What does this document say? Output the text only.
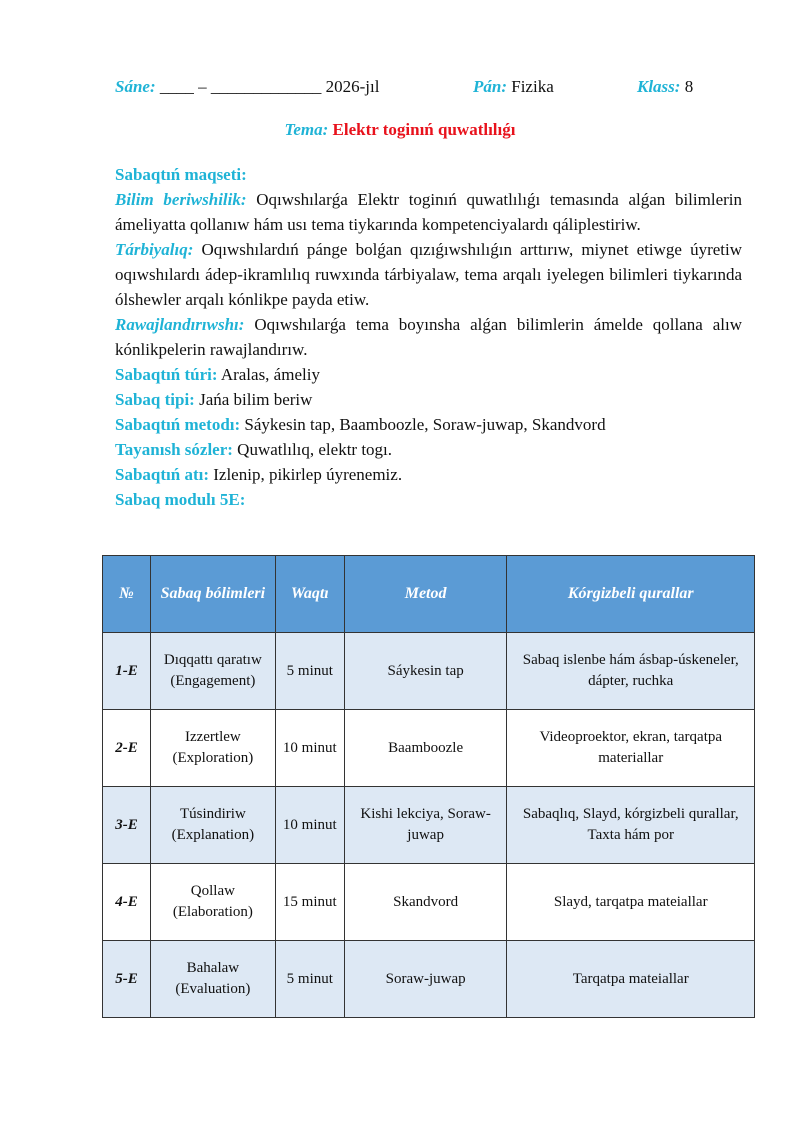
Sáne: ____ – _____________ 2026-jıl	Pán: Fizika	Klass: 8
Tema: Elektr toginıń quwatlılıǵı

Sabaqtıń maqseti:

Bilim beriwshilik: Oqıwshılarǵa Elektr toginıń quwatlılıǵı temasında alǵan bilimlerin ámeliyatta qollanıw hám usı tema tiykarında kompetenciyalardı qáliplestiriw.

Tárbiyalıq: Oqıwshılardıń pánge bolǵan qızıǵıwshılıǵın arttırıw, miynet etiwge úyretiw oqıwshılardı ádep-ikramlılıq ruwxında tárbiyalaw, tema arqalı iyelegen bilimleri tiykarında ólshewler arqalı kónlikpe payda etiw.

Rawajlandırıwshı: Oqıwshılarǵa tema boyınsha alǵan bilimlerin ámelde qollana alıw kónlikpelerin rawajlandırıw.

Sabaqtıń túri: Aralas, ámeliy

Sabaq tipi: Jańa bilim beriw

Sabaqtıń metodı: Sáykesin tap, Baamboozle, Soraw-juwap, Skandvord

Tayanısh sózler: Quwatlılıq, elektr togı.

Sabaqtıń atı: Izlenip, pikirlep úyrenemiz.

Sabaq modulı 5E:

№	Sabaq bólimleri	Waqtı	Metod	Kórgizbeli qurallar
1-E	Dıqqattı qaratıw (Engagement)	5 minut	Sáykesin tap	Sabaq islenbe hám ásbap-úskeneler, dápter, ruchka
2-E	Izzertlew (Exploration)	10 minut	Baamboozle	Videoproektor, ekran, tarqatpa materiallar
3-E	Túsindiriw (Explanation)	10 minut	Kishi lekciya, Soraw-juwap	Sabaqlıq, Slayd, kórgizbeli qurallar, Taxta hám por
4-E	Qollaw (Elaboration)	15 minut	Skandvord	Slayd, tarqatpa mateiallar
5-E	Bahalaw (Evaluation)	5 minut	Soraw-juwap	Tarqatpa mateiallar
